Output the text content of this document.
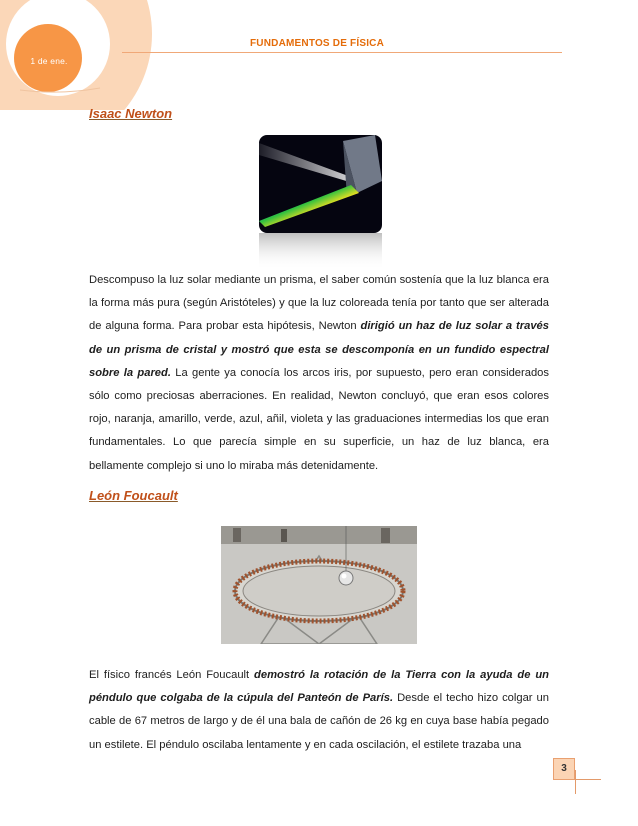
1 de ene.
FUNDAMENTOS DE FÍSICA
Isaac Newton
Descompuso la luz solar mediante un prisma, el saber común sostenía que la luz blanca era la forma más pura (según Aristóteles) y que la luz coloreada tenía por tanto que ser alterada de alguna forma. Para probar esta hipótesis, Newton dirigió un haz de luz solar a través de un prisma de cristal y mostró que esta se descomponía en un fundido espectral sobre la pared. La gente ya conocía los arcos iris, por supuesto, pero eran considerados sólo como preciosas aberraciones. En realidad, Newton concluyó, que eran esos colores rojo, naranja, amarillo, verde, azul, añil, violeta y las graduaciones intermedias los que eran fundamentales. Lo que parecía simple en su superficie, un haz de luz blanca, era bellamente complejo si uno lo miraba más detenidamente.
León Foucault
El físico francés León Foucault demostró la rotación de la Tierra con la ayuda de un péndulo que colgaba de la cúpula del Panteón de París. Desde el techo hizo colgar un cable de 67 metros de largo y de él una bala de cañón de 26 kg en cuya base había pegado un estilete. El péndulo oscilaba lentamente y en cada oscilación, el estilete trazaba una
3
